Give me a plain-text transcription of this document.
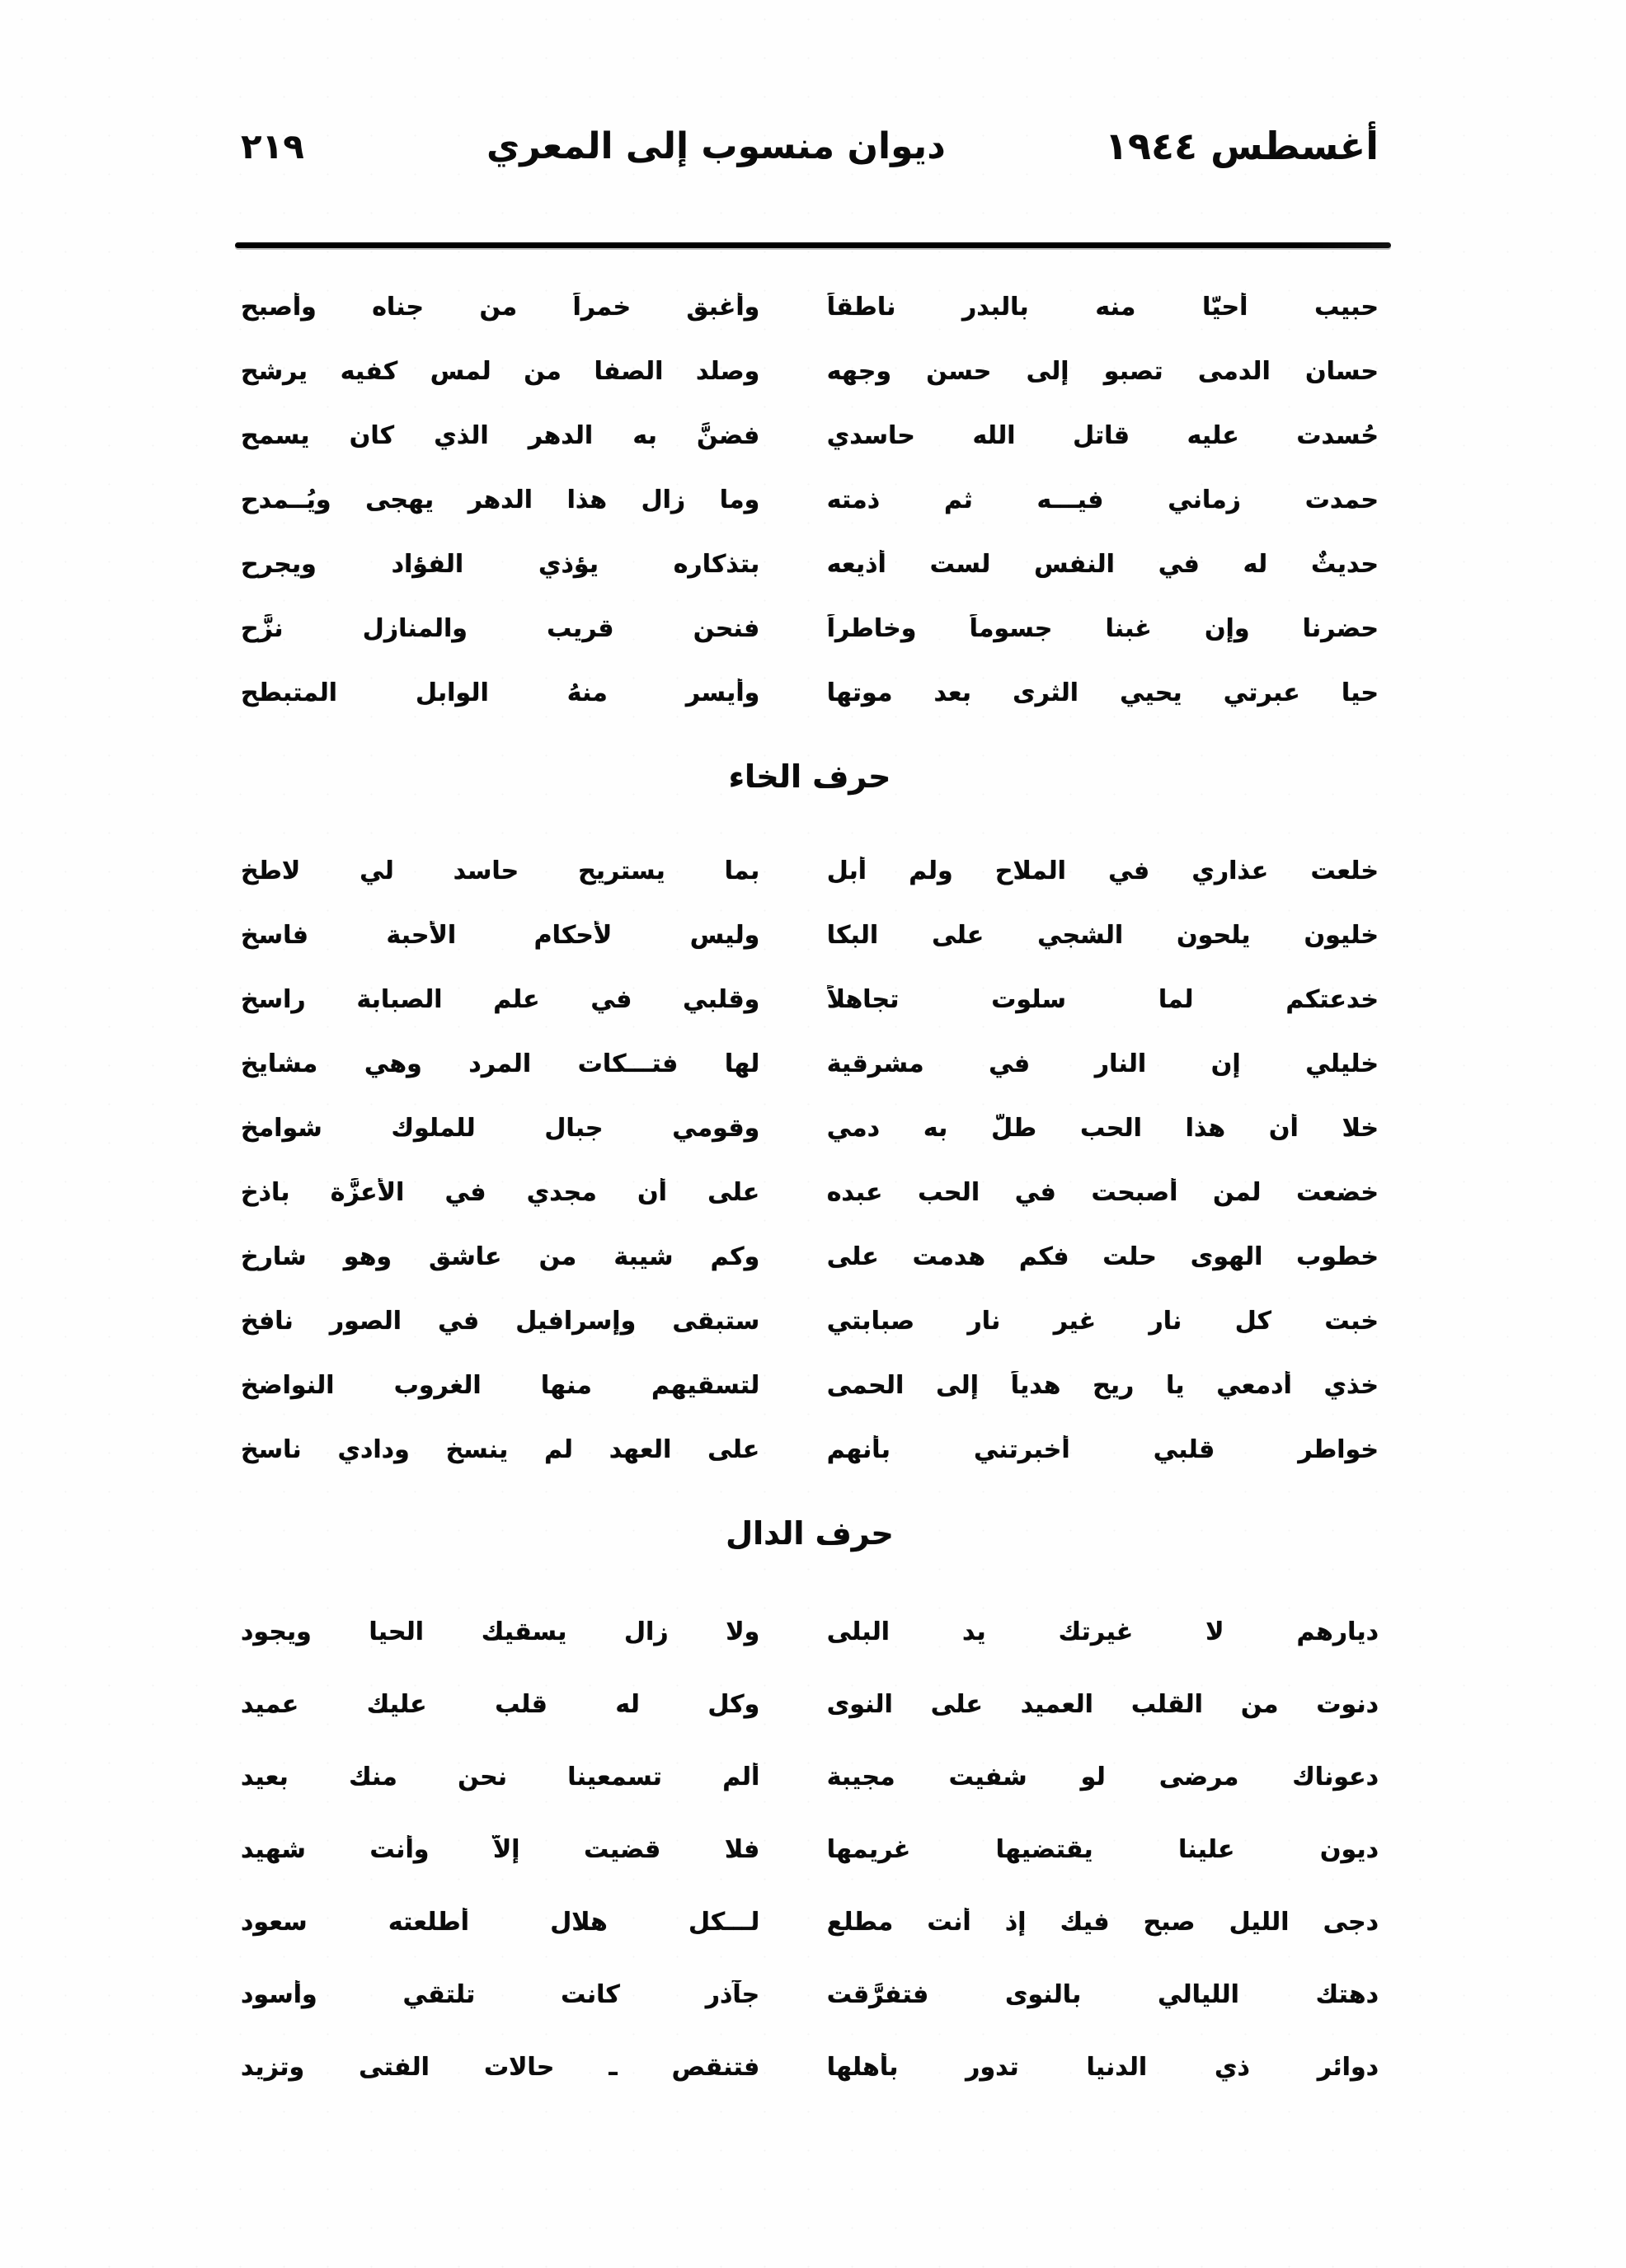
أغسطس ١٩٤٤
ديوان منسوب إلى المعري
٢١٩
حبيب أحيّا منه بالبدر ناطقاً
وأغبق خمراً من جناه وأصبح
حسان الدمى تصبو إلى حسن وجهه
وصلد الصفا من لمس كفيه يرشح
حُسدت عليه قاتل الله حاسدي
فضنَّ به الدهر الذي كان يسمح
حمدت زماني فيـــه ثم ذمته
وما زال هذا الدهر يهجى ويُــمدح
حديثٌ له في النفس لست أذيعه
بتذكاره يؤذي الفؤاد ويجرح
حضرنا وإن غبنا جسوماً وخاطراً
فنحن قريب والمنازل نزَّح
حيا عبرتي يحيي الثرى بعد موتها
وأيسر منهُ الوابل المتبطح
حرف الخاء
خلعت عذاري في الملاح ولم أبل
بما يستريح حاسد لي لاطخ
خليون يلحون الشجي على البكا
وليس لأحكام الأحبة فاسخ
خدعتكم لما سلوت تجاهلاً
وقلبي في علم الصبابة راسخ
خليلي إن النار في مشرقية
لها فتـــكات المرد وهي مشايخ
خلا أن هذا الحب طلَّ به دمي
وقومي جبال للملوك شوامخ
خضعت لمن أصبحت في الحب عبده
على أن مجدي في الأعزَّة باذخ
خطوب الهوى حلت فكم هدمت على
وكم شيبة من عاشق وهو شارخ
خبت كل نار غير نار صبابتي
ستبقى وإسرافيل في الصور نافخ
خذي أدمعي يا ريح هدياً إلى الحمى
لتسقيهم منها الغروب النواضخ
خواطر قلبي أخبرتني بأنهم
على العهد لم ينسخ ودادي ناسخ
حرف الدال
ديارهم لا غيرتك يد البلى
ولا زال يسقيك الحيا ويجود
دنوت من القلب العميد على النوى
وكل له قلب عليك عميد
دعوناك مرضى لو شفيت مجيبة
ألم تسمعينا نحن منك بعيد
ديون علينا يقتضيها غريمها
فلا قضيت إلاَّ وأنت شهيد
دجى الليل صبح فيك إذ أنت مطلع
لـــكل هلال أطلعته سعود
دهتك الليالي بالنوى فتفرَّقت
جآذر كانت تلتقي وأسود
دوائر ذي الدنيا تدور بأهلها
فتنقص ـ حالات الفتى وتزيد
